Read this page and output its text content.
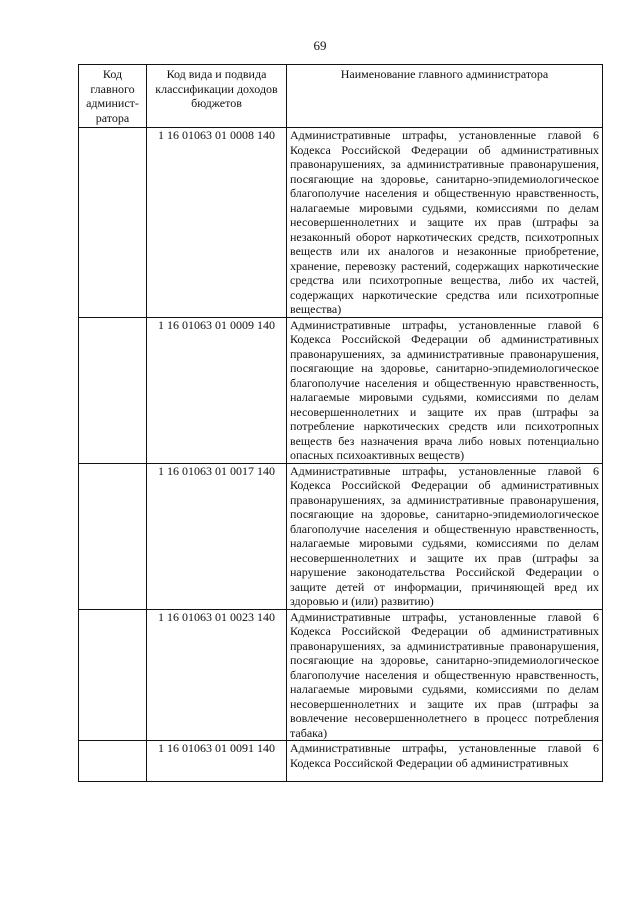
69
Код главного админист-ратора	Код вида и подвида классификации доходов бюджетов	Наименование главного администратора
	1 16 01063 01 0008 140	Административные штрафы, установленные главой 6 Кодекса Российской Федерации об административных правонарушениях, за административные правонарушения, посягающие на здоровье, санитарно-эпидемиологическое благополучие населения и общественную нравственность, налагаемые мировыми судьями, комиссиями по делам несовершеннолетних и защите их прав (штрафы за незаконный оборот наркотических средств, психотропных веществ или их аналогов и незаконные приобретение, хранение, перевозку растений, содержащих наркотические средства или психотропные вещества, либо их частей, содержащих наркотические средства или психотропные вещества)
	1 16 01063 01 0009 140	Административные штрафы, установленные главой 6 Кодекса Российской Федерации об административных правонарушениях, за административные правонарушения, посягающие на здоровье, санитарно-эпидемиологическое благополучие населения и общественную нравственность, налагаемые мировыми судьями, комиссиями по делам несовершеннолетних и защите их прав (штрафы за потребление наркотических средств или психотропных веществ без назначения врача либо новых потенциально опасных психоактивных веществ)
	1 16 01063 01 0017 140	Административные штрафы, установленные главой 6 Кодекса Российской Федерации об административных правонарушениях, за административные правонарушения, посягающие на здоровье, санитарно-эпидемиологическое благополучие населения и общественную нравственность, налагаемые мировыми судьями, комиссиями по делам несовершеннолетних и защите их прав (штрафы за нарушение законодательства Российской Федерации о защите детей от информации, причиняющей вред их здоровью и (или) развитию)
	1 16 01063 01 0023 140	Административные штрафы, установленные главой 6 Кодекса Российской Федерации об административных правонарушениях, за административные правонарушения, посягающие на здоровье, санитарно-эпидемиологическое благополучие населения и общественную нравственность, налагаемые мировыми судьями, комиссиями по делам несовершеннолетних и защите их прав (штрафы за вовлечение несовершеннолетнего в процесс потребления табака)
	1 16 01063 01 0091 140	Административные штрафы, установленные главой 6 Кодекса Российской Федерации об административных
